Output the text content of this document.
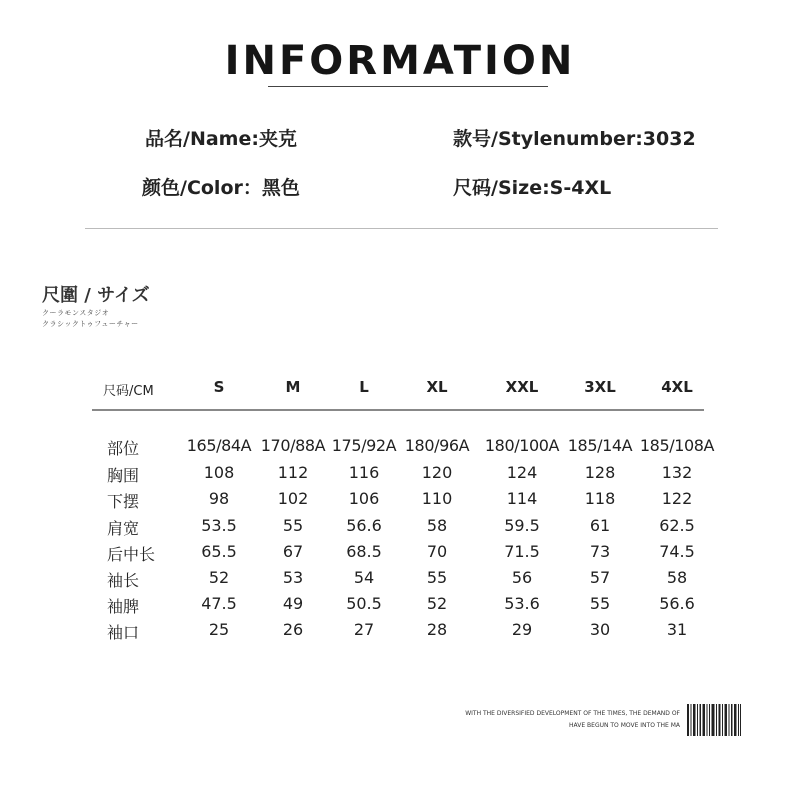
INFORMATION
品名/Name:夹克	款号/Stylenumber:3032
颜色/Color：黑色	尺码/Size:S-4XL
尺圍 / サイズ
クーラモンスタジオ
クラシックトゥフューチャー
尺码/CM	S	M	L	XL	XXL	3XL	4XL
部位	165/84A 170/88A 175/92A 180/96A 180/100A 185/14A 185/108A
胸围	108	112	116	120	124	128	132
下摆	98	102	106	110	114	118	122
肩宽	53.5	55	56.6	58	59.5	61	62.5
后中长	65.5	67	68.5	70	71.5	73	74.5
袖长	52	53	54	55	56	57	58
袖脾	47.5	49	50.5	52	53.6	55	56.6
袖口	25	26	27	28	29	30	31
WITH THE DIVERSIFIED DEVELOPMENT OF THE TIMES, THE DEMAND OF
HAVE BEGUN TO MOVE INTO THE MA
